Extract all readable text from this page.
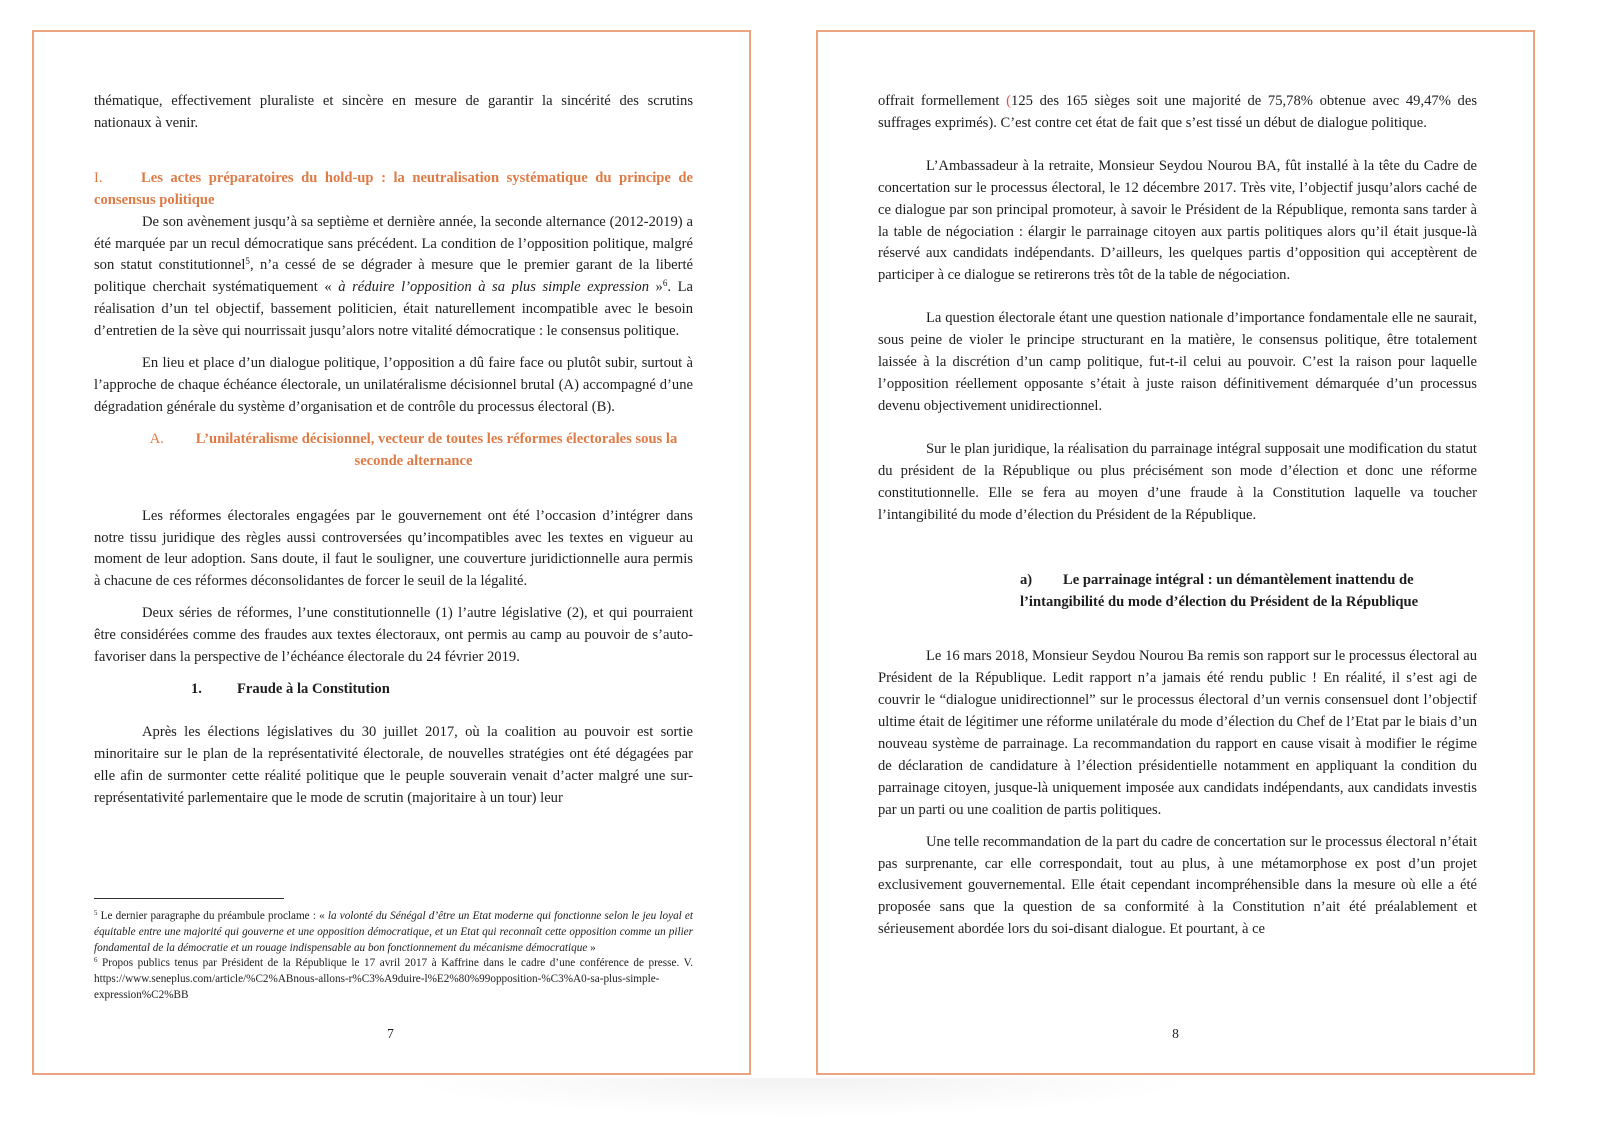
thématique, effectivement pluraliste et sincère en mesure de garantir la sincérité des scrutins nationaux à venir.

I.	Les actes préparatoires du hold-up : la neutralisation systématique du principe de consensus politique

De son avènement jusqu’à sa septième et dernière année, la seconde alternance (2012-2019) a été marquée par un recul démocratique sans précédent. La condition de l’opposition politique, malgré son statut constitutionnel$^5$, n’a cessé de se dégrader à mesure que le premier garant de la liberté politique cherchait systématiquement « à réduire l’opposition à sa plus simple expression »$^6$. La réalisation d’un tel objectif, bassement politicien, était naturellement incompatible avec le besoin d’entretien de la sève qui nourrissait jusqu’alors notre vitalité démocratique : le consensus politique.

En lieu et place d’un dialogue politique, l’opposition a dû faire face ou plutôt subir, surtout à l’approche de chaque échéance électorale, un unilatéralisme décisionnel brutal (A) accompagné d’une dégradation générale du système d’organisation et de contrôle du processus électoral (B).

A. L’unilatéralisme décisionnel, vecteur de toutes les réformes électorales sous la seconde alternance

Les réformes électorales engagées par le gouvernement ont été l’occasion d’intégrer dans notre tissu juridique des règles aussi controversées qu’incompatibles avec les textes en vigueur au moment de leur adoption. Sans doute, il faut le souligner, une couverture juridictionnelle aura permis à chacune de ces réformes déconsolidantes de forcer le seuil de la légalité.

Deux séries de réformes, l’une constitutionnelle (1) l’autre législative (2), et qui pourraient être considérées comme des fraudes aux textes électoraux, ont permis au camp au pouvoir de s’auto-favoriser dans la perspective de l’échéance électorale du 24 février 2019.

1. Fraude à la Constitution

Après les élections législatives du 30 juillet 2017, où la coalition au pouvoir est sortie minoritaire sur le plan de la représentativité électorale, de nouvelles stratégies ont été dégagées par elle afin de surmonter cette réalité politique que le peuple souverain venait d’acter malgré une sur-représentativité parlementaire que le mode de scrutin (majoritaire à un tour) leur

$^5$ Le dernier paragraphe du préambule proclame : « la volonté du Sénégal d’être un Etat moderne qui fonctionne selon le jeu loyal et équitable entre une majorité qui gouverne et une opposition démocratique, et un Etat qui reconnaît cette opposition comme un pilier fondamental de la démocratie et un rouage indispensable au bon fonctionnement du mécanisme démocratique »

$^6$ Propos publics tenus par Président de la République le 17 avril 2017 à Kaffrine dans le cadre d’une conférence de presse. V. https://www.seneplus.com/article/%C2%ABnous-allons-r%C3%A9duire-l%E2%80%99opposition-%C3%A0-sa-plus-simple-expression%C2%BB

7

offrait formellement (125 des 165 sièges soit une majorité de 75,78% obtenue avec 49,47% des suffrages exprimés). C’est contre cet état de fait que s’est tissé un début de dialogue politique.

L’Ambassadeur à la retraite, Monsieur Seydou Nourou BA, fût installé à la tête du Cadre de concertation sur le processus électoral, le 12 décembre 2017. Très vite, l’objectif jusqu’alors caché de ce dialogue par son principal promoteur, à savoir le Président de la République, remonta sans tarder à la table de négociation : élargir le parrainage citoyen aux partis politiques alors qu’il était jusque-là réservé aux candidats indépendants. D’ailleurs, les quelques partis d’opposition qui acceptèrent de participer à ce dialogue se retirerons très tôt de la table de négociation.

La question électorale étant une question nationale d’importance fondamentale elle ne saurait, sous peine de violer le principe structurant en la matière, le consensus politique, être totalement laissée à la discrétion d’un camp politique, fut-t-il celui au pouvoir. C’est la raison pour laquelle l’opposition réellement opposante s’était à juste raison définitivement démarquée d’un processus devenu objectivement unidirectionnel.

Sur le plan juridique, la réalisation du parrainage intégral supposait une modification du statut du président de la République ou plus précisément son mode d’élection et donc une réforme constitutionnelle. Elle se fera au moyen d’une fraude à la Constitution laquelle va toucher l’intangibilité du mode d’élection du Président de la République.

a) Le parrainage intégral : un démantèlement inattendu de l’intangibilité du mode d’élection du Président de la République

Le 16 mars 2018, Monsieur Seydou Nourou Ba remis son rapport sur le processus électoral au Président de la République. Ledit rapport n’a jamais été rendu public ! En réalité, il s’est agi de couvrir le “dialogue unidirectionnel” sur le processus électoral d’un vernis consensuel dont l’objectif ultime était de légitimer une réforme unilatérale du mode d’élection du Chef de l’Etat par le biais d’un nouveau système de parrainage. La recommandation du rapport en cause visait à modifier le régime de déclaration de candidature à l’élection présidentielle notamment en appliquant la condition du parrainage citoyen, jusque-là uniquement imposée aux candidats indépendants, aux candidats investis par un parti ou une coalition de partis politiques.

Une telle recommandation de la part du cadre de concertation sur le processus électoral n’était pas surprenante, car elle correspondait, tout au plus, à une métamorphose ex post d’un projet exclusivement gouvernemental. Elle était cependant incompréhensible dans la mesure où elle a été proposée sans que la question de sa conformité à la Constitution n’ait été préalablement et sérieusement abordée lors du soi-disant dialogue. Et pourtant, à ce

8
